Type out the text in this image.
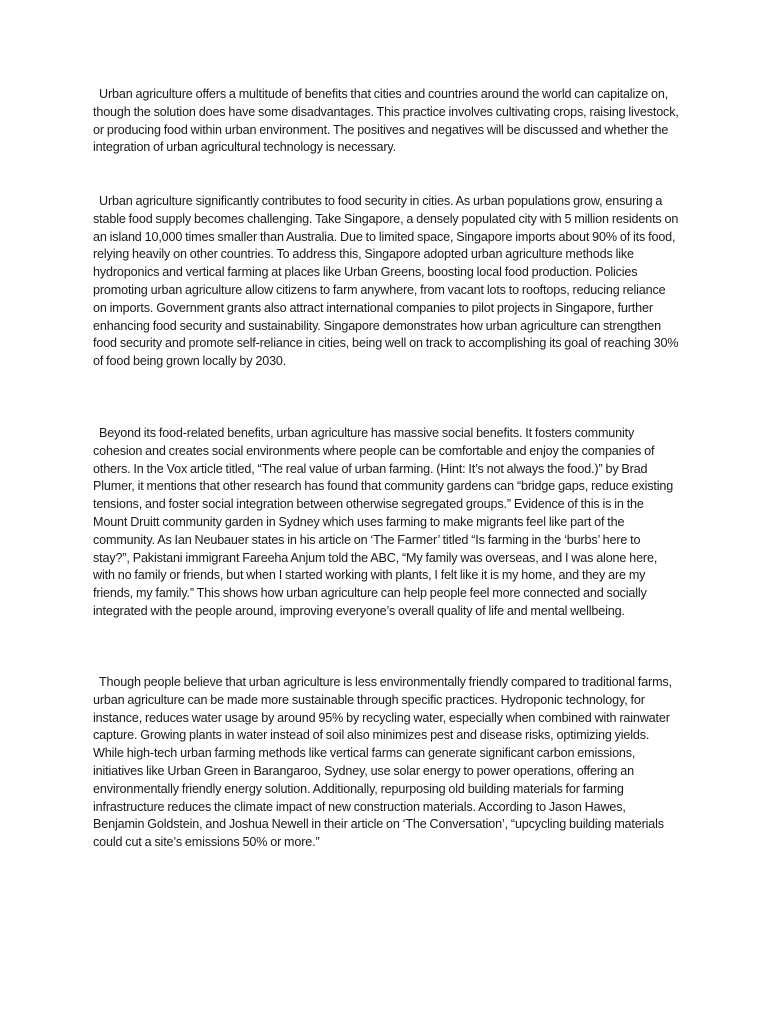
Urban agriculture offers a multitude of benefits that cities and countries around the world can capitalize on, though the solution does have some disadvantages. This practice involves cultivating crops, raising livestock, or producing food within urban environment. The positives and negatives will be discussed and whether the integration of urban agricultural technology is necessary.

Urban agriculture significantly contributes to food security in cities. As urban populations grow, ensuring a stable food supply becomes challenging. Take Singapore, a densely populated city with 5 million residents on an island 10,000 times smaller than Australia. Due to limited space, Singapore imports about 90% of its food, relying heavily on other countries. To address this, Singapore adopted urban agriculture methods like hydroponics and vertical farming at places like Urban Greens, boosting local food production. Policies promoting urban agriculture allow citizens to farm anywhere, from vacant lots to rooftops, reducing reliance on imports. Government grants also attract international companies to pilot projects in Singapore, further enhancing food security and sustainability. Singapore demonstrates how urban agriculture can strengthen food security and promote self-reliance in cities, being well on track to accomplishing its goal of reaching 30% of food being grown locally by 2030.

Beyond its food-related benefits, urban agriculture has massive social benefits. It fosters community cohesion and creates social environments where people can be comfortable and enjoy the companies of others. In the Vox article titled, “The real value of urban farming. (Hint: It’s not always the food.)” by Brad Plumer, it mentions that other research has found that community gardens can “bridge gaps, reduce existing tensions, and foster social integration between otherwise segregated groups.” Evidence of this is in the Mount Druitt community garden in Sydney which uses farming to make migrants feel like part of the community. As Ian Neubauer states in his article on ‘The Farmer’ titled “Is farming in the ‘burbs’ here to stay?”, Pakistani immigrant Fareeha Anjum told the ABC, “My family was overseas, and I was alone here, with no family or friends, but when I started working with plants, I felt like it is my home, and they are my friends, my family.” This shows how urban agriculture can help people feel more connected and socially integrated with the people around, improving everyone’s overall quality of life and mental wellbeing.

Though people believe that urban agriculture is less environmentally friendly compared to traditional farms, urban agriculture can be made more sustainable through specific practices. Hydroponic technology, for instance, reduces water usage by around 95% by recycling water, especially when combined with rainwater capture. Growing plants in water instead of soil also minimizes pest and disease risks, optimizing yields. While high-tech urban farming methods like vertical farms can generate significant carbon emissions, initiatives like Urban Green in Barangaroo, Sydney, use solar energy to power operations, offering an environmentally friendly energy solution. Additionally, repurposing old building materials for farming infrastructure reduces the climate impact of new construction materials. According to Jason Hawes, Benjamin Goldstein, and Joshua Newell in their article on ‘The Conversation’, “upcycling building materials could cut a site’s emissions 50% or more.”
